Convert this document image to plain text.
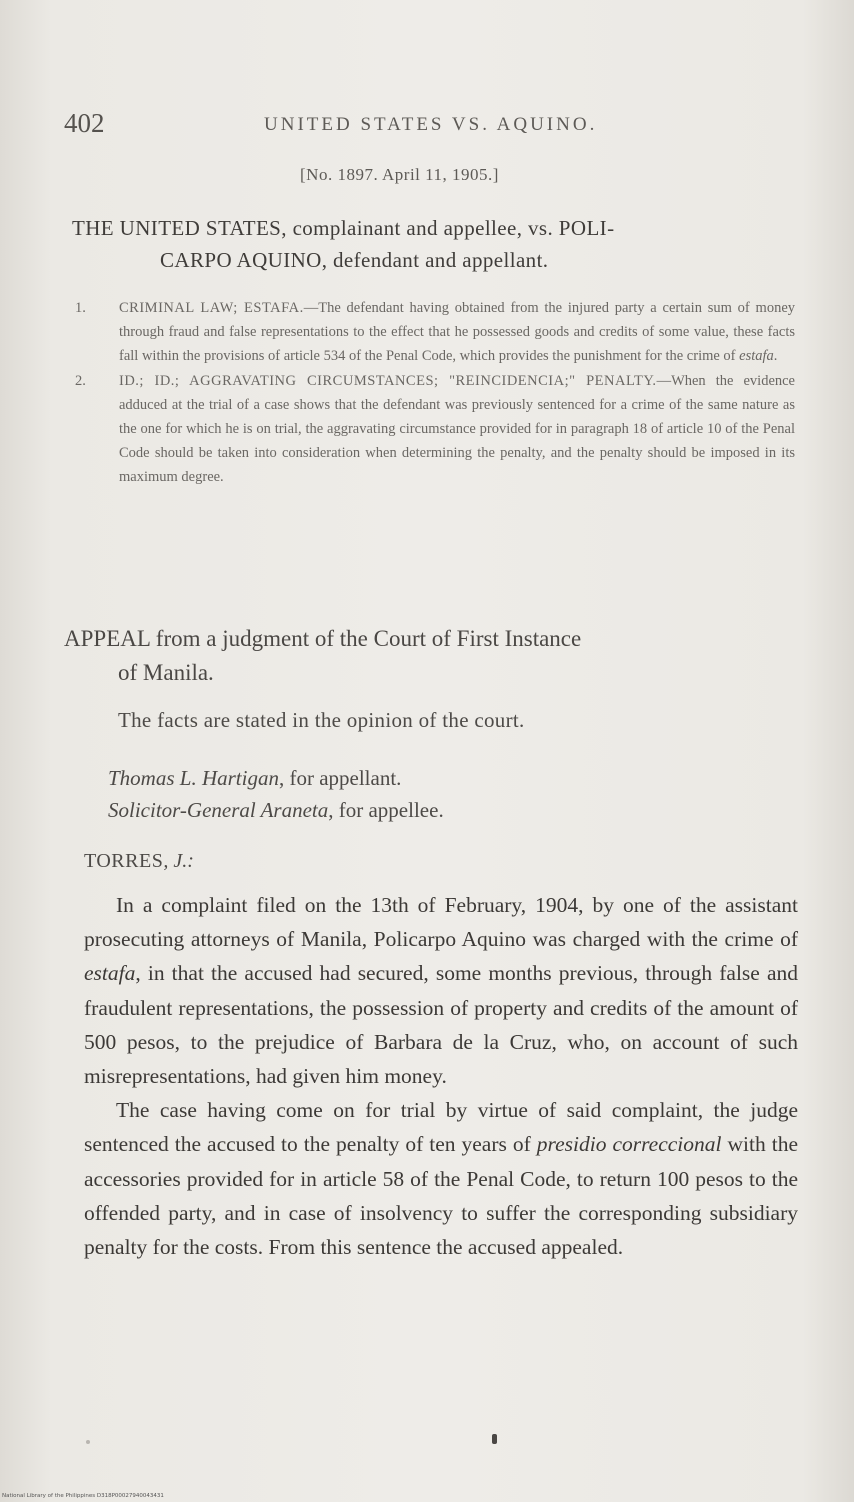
402	UNITED STATES VS. AQUINO.
[No. 1897. April 11, 1905.]
THE UNITED STATES, complainant and appellee, vs. POLI-
CARPO AQUINO, defendant and appellant.
1. CRIMINAL LAW; ESTAFA.—The defendant having obtained from the injured party a certain sum of money through fraud and false representations to the effect that he possessed goods and credits of some value, these facts fall within the provisions of article 534 of the Penal Code, which provides the punishment for the crime of estafa.
2. ID.; ID.; AGGRAVATING CIRCUMSTANCES; "REINCIDENCIA;" PENALTY.—When the evidence adduced at the trial of a case shows that the defendant was previously sentenced for a crime of the same nature as the one for which he is on trial, the aggravating circumstance provided for in paragraph 18 of article 10 of the Penal Code should be taken into consideration when determining the penalty, and the penalty should be imposed in its maximum degree.
APPEAL from a judgment of the Court of First Instance
of Manila.
The facts are stated in the opinion of the court.
Thomas L. Hartigan, for appellant.
Solicitor-General Araneta, for appellee.
TORRES, J.:

In a complaint filed on the 13th of February, 1904, by one of the assistant prosecuting attorneys of Manila, Policarpo Aquino was charged with the crime of estafa, in that the accused had secured, some months previous, through false and fraudulent representations, the possession of property and credits of the amount of 500 pesos, to the prejudice of Barbara de la Cruz, who, on account of such misrepresentations, had given him money.

The case having come on for trial by virtue of said complaint, the judge sentenced the accused to the penalty of ten years of presidio correccional with the accessories provided for in article 58 of the Penal Code, to return 100 pesos to the offended party, and in case of insolvency to suffer the corresponding subsidiary penalty for the costs. From this sentence the accused appealed.

National Library of the Philippines D318P00027940043431
